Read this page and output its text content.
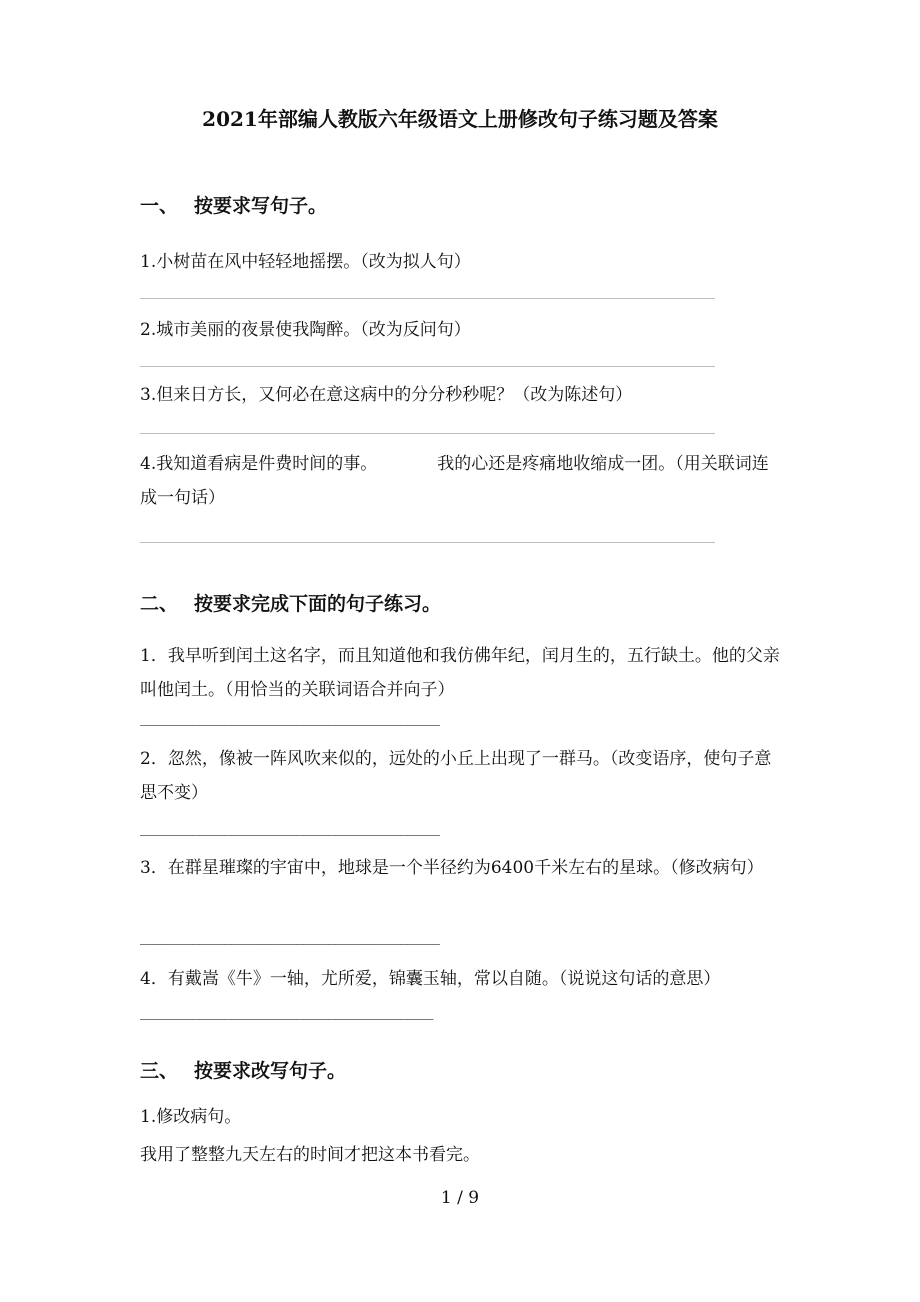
2021年部编人教版六年级语文上册修改句子练习题及答案
一、 按要求写句子。
1.小树苗在风中轻轻地摇摆。（改为拟人句）
2.城市美丽的夜景使我陶醉。（改为反问句）
3.但来日方长，又何必在意这病中的分分秒秒呢？（改为陈述句）
4.我知道看病是件费时间的事。	我的心还是疼痛地收缩成一团。（用关联词连成一句话）
二、 按要求完成下面的句子练习。
1．我早听到闰土这名字，而且知道他和我仿佛年纪，闰月生的，五行缺土。他的父亲叫他闰土。（用恰当的关联词语合并向子）
______________________________________________
2．忽然，像被一阵风吹来似的，远处的小丘上出现了一群马。（改变语序，使句子意思不变）
______________________________________________
3．在群星璀璨的宇宙中，地球是一个半径约为6400千米左右的星球。（修改病句）
______________________________________________
4．有戴嵩《牛》一轴，尤所爱，锦囊玉轴，常以自随。（说说这句话的意思）
_____________________________________________
三、 按要求改写句子。
1.修改病句。
我用了整整九天左右的时间才把这本书看完。
1 / 9
